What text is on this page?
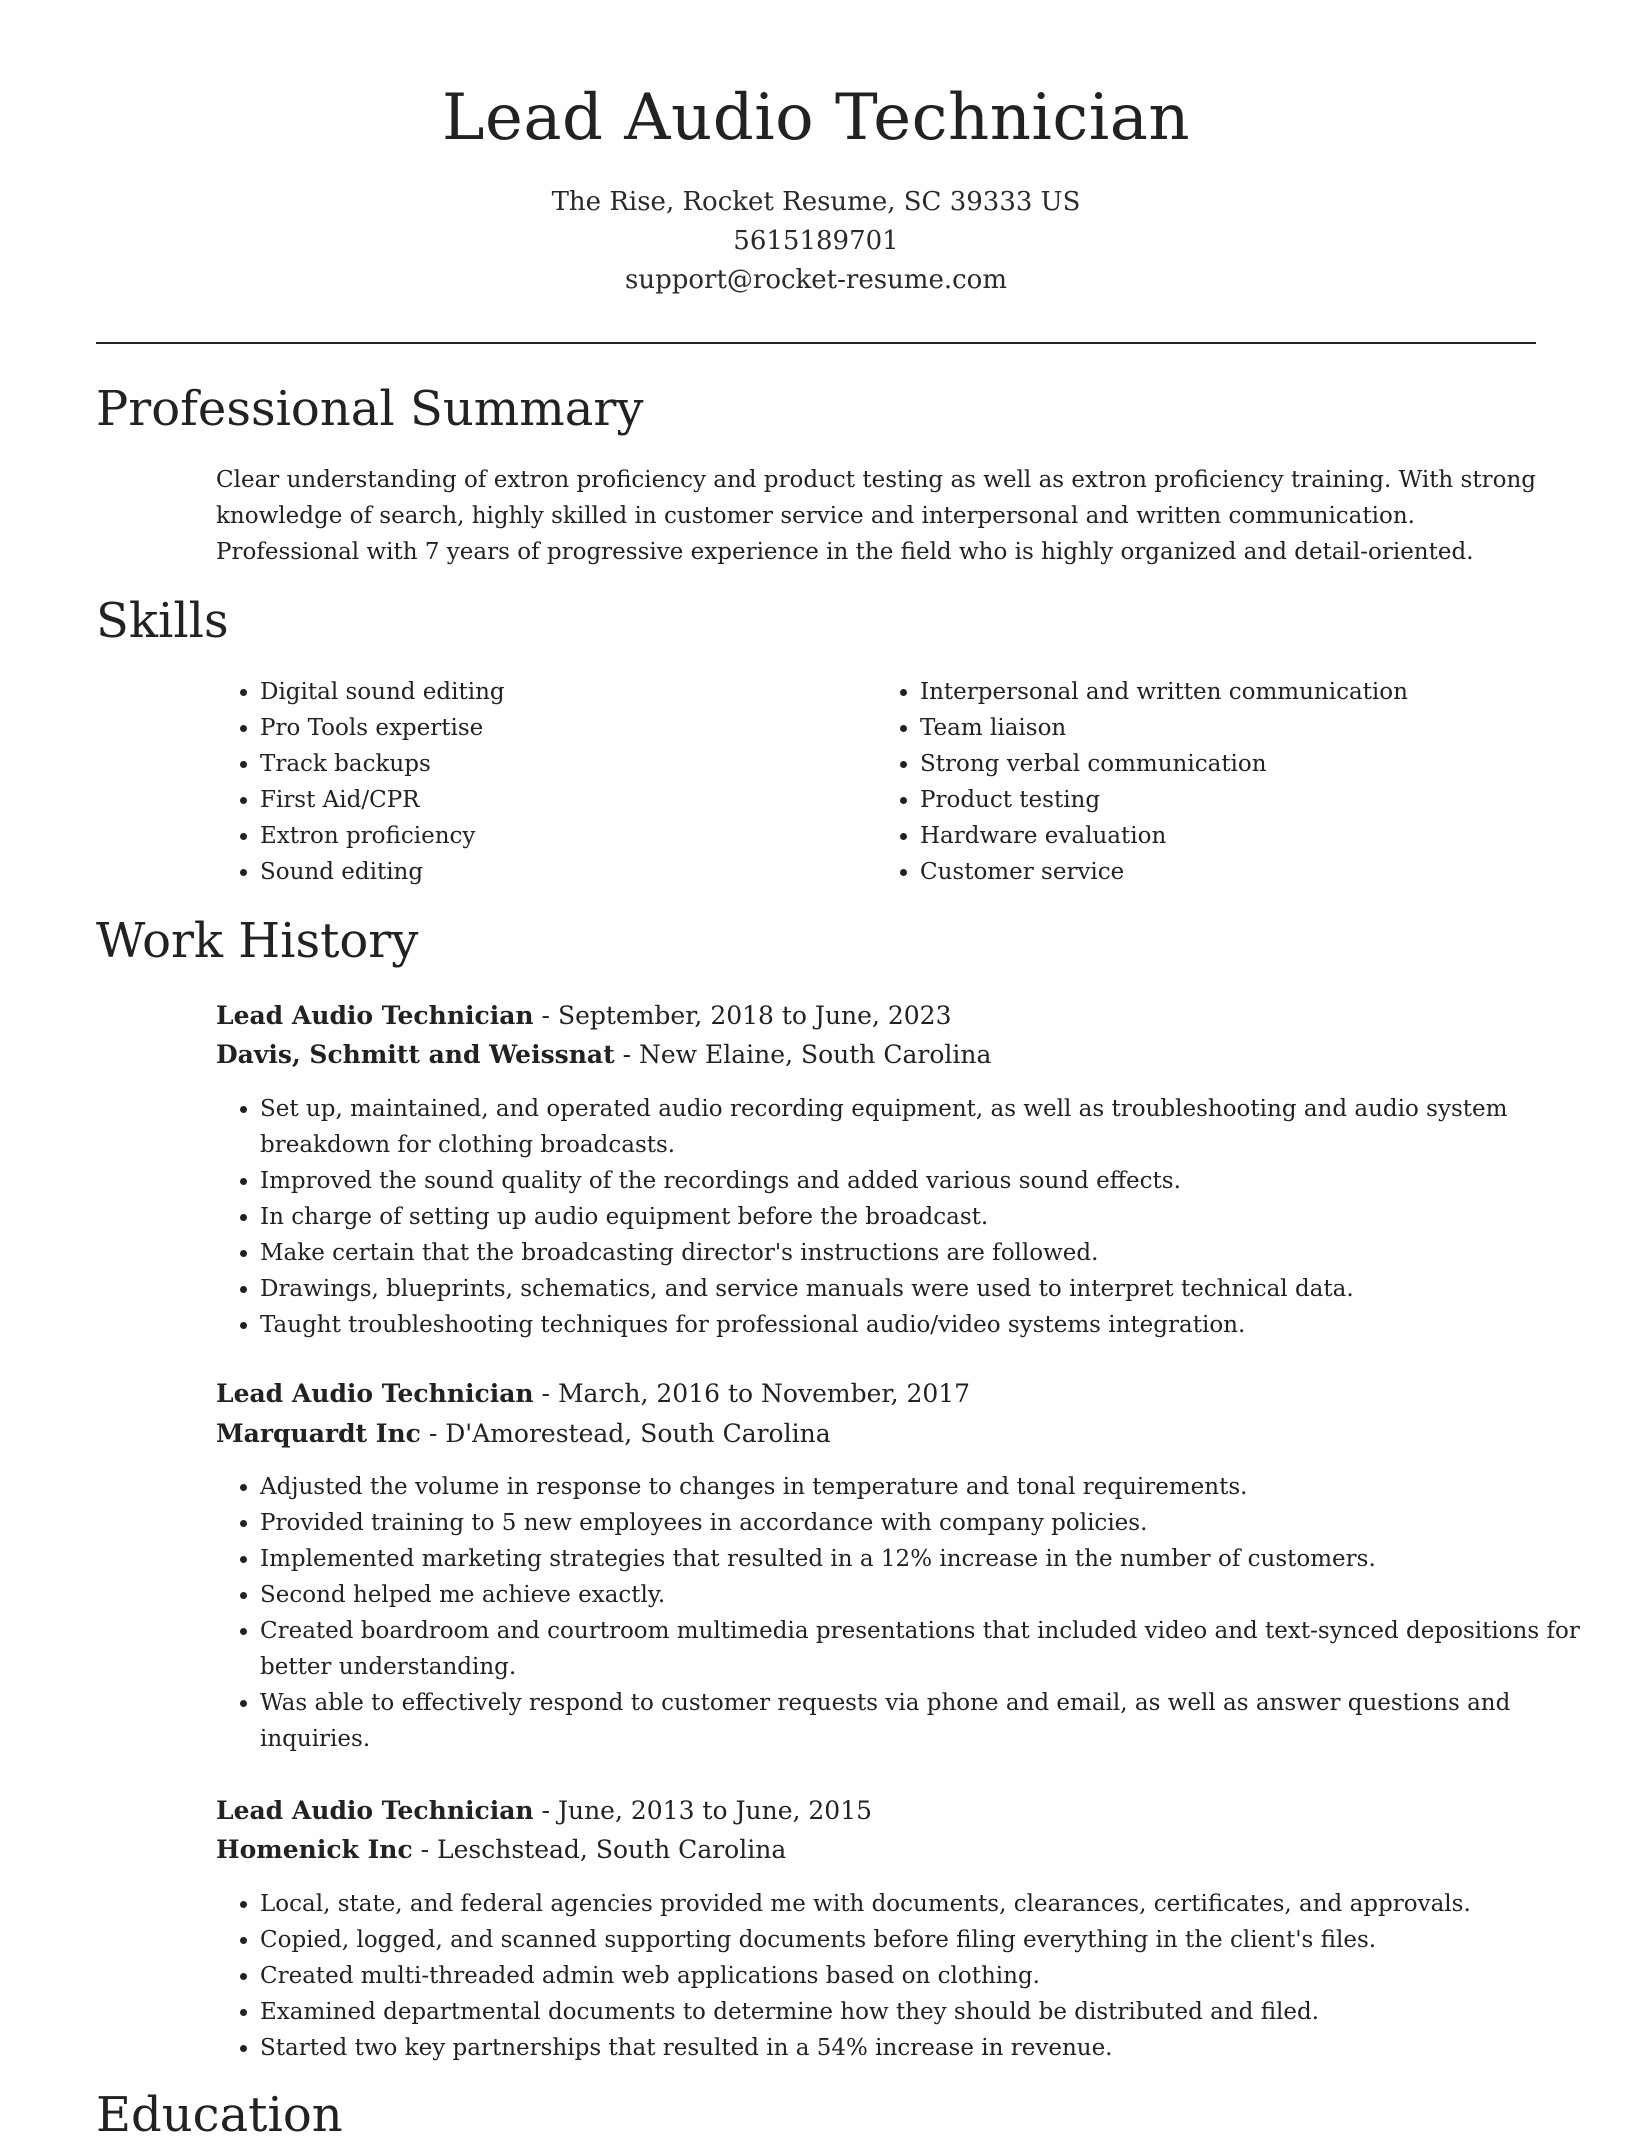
Lead Audio Technician
The Rise, Rocket Resume, SC 39333 US
5615189701
support@rocket-resume.com
Professional Summary

Clear understanding of extron proficiency and product testing as well as extron proficiency training. With strong knowledge of search, highly skilled in customer service and interpersonal and written communication. Professional with 7 years of progressive experience in the field who is highly organized and detail-oriented.

Skills
• Digital sound editing
• Pro Tools expertise
• Track backups
• First Aid/CPR
• Extron proficiency
• Sound editing
• Interpersonal and written communication
• Team liaison
• Strong verbal communication
• Product testing
• Hardware evaluation
• Customer service
Work History
Lead Audio Technician - September, 2018 to June, 2023
Davis, Schmitt and Weissnat - New Elaine, South Carolina
• Set up, maintained, and operated audio recording equipment, as well as troubleshooting and audio system breakdown for clothing broadcasts.
• Improved the sound quality of the recordings and added various sound effects.
• In charge of setting up audio equipment before the broadcast.
• Make certain that the broadcasting director's instructions are followed.
• Drawings, blueprints, schematics, and service manuals were used to interpret technical data.
• Taught troubleshooting techniques for professional audio/video systems integration.
Lead Audio Technician - March, 2016 to November, 2017
Marquardt Inc - D'Amorestead, South Carolina
• Adjusted the volume in response to changes in temperature and tonal requirements.
• Provided training to 5 new employees in accordance with company policies.
• Implemented marketing strategies that resulted in a 12% increase in the number of customers.
• Second helped me achieve exactly.
• Created boardroom and courtroom multimedia presentations that included video and text-synced depositions for better understanding.
• Was able to effectively respond to customer requests via phone and email, as well as answer questions and inquiries.
Lead Audio Technician - June, 2013 to June, 2015
Homenick Inc - Leschstead, South Carolina
• Local, state, and federal agencies provided me with documents, clearances, certificates, and approvals.
• Copied, logged, and scanned supporting documents before filing everything in the client's files.
• Created multi-threaded admin web applications based on clothing.
• Examined departmental documents to determine how they should be distributed and filed.
• Started two key partnerships that resulted in a 54% increase in revenue.
Education
